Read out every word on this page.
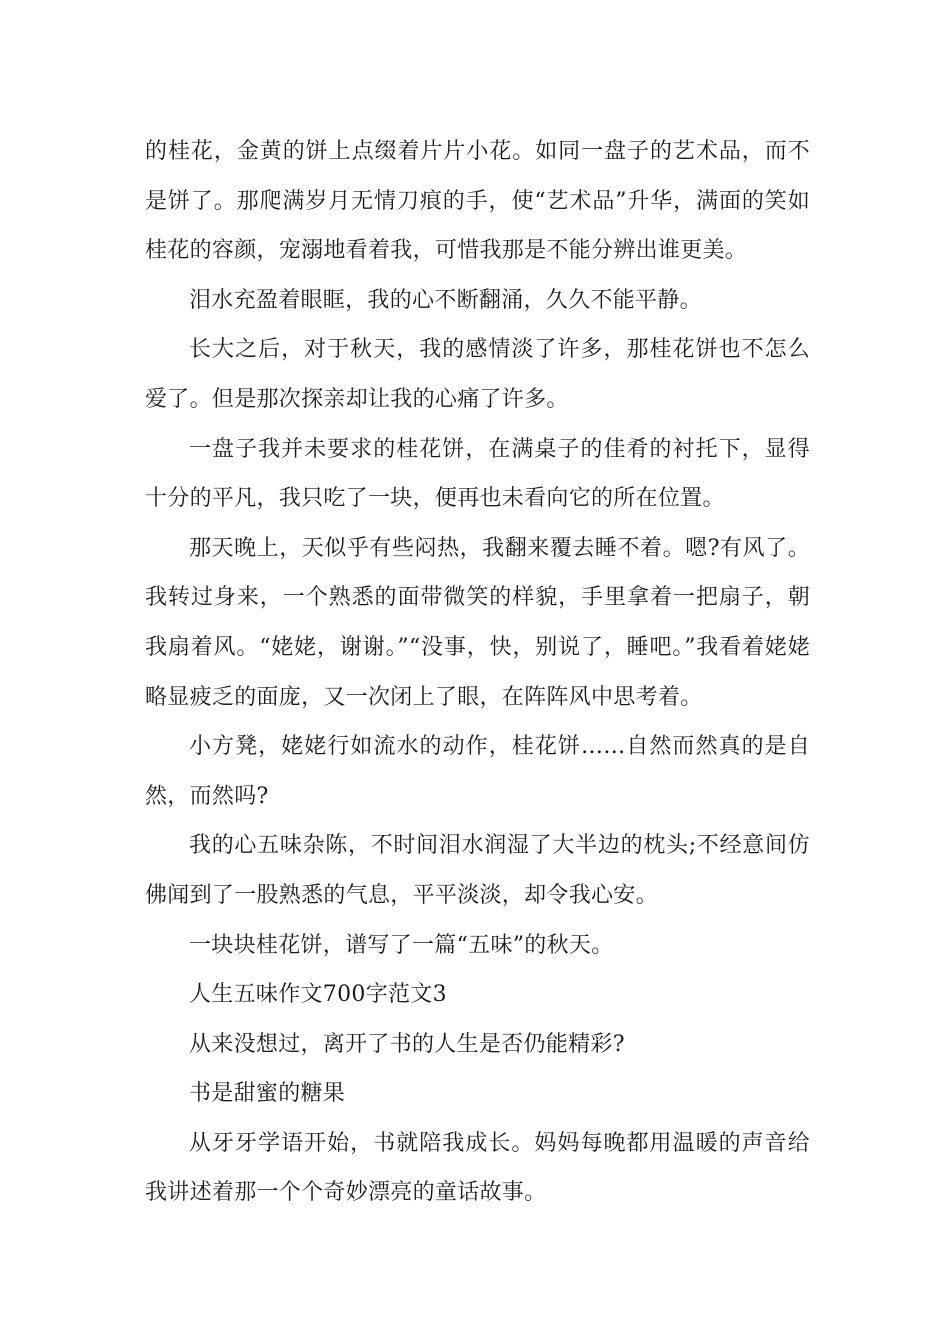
的桂花，金黄的饼上点缀着片片小花。如同一盘子的艺术品，而不是饼了。那爬满岁月无情刀痕的手，使“艺术品”升华，满面的笑如桂花的容颜，宠溺地看着我，可惜我那是不能分辨出谁更美。

泪水充盈着眼眶，我的心不断翻涌，久久不能平静。

长大之后，对于秋天，我的感情淡了许多，那桂花饼也不怎么爱了。但是那次探亲却让我的心痛了许多。

一盘子我并未要求的桂花饼，在满桌子的佳肴的衬托下，显得十分的平凡，我只吃了一块，便再也未看向它的所在位置。

那天晚上，天似乎有些闷热，我翻来覆去睡不着。嗯?有风了。我转过身来，一个熟悉的面带微笑的样貌，手里拿着一把扇子，朝我扇着风。“姥姥，谢谢。”“没事，快，别说了，睡吧。”我看着姥姥略显疲乏的面庞，又一次闭上了眼，在阵阵风中思考着。

小方凳，姥姥行如流水的动作，桂花饼……自然而然真的是自然，而然吗?

我的心五味杂陈，不时间泪水润湿了大半边的枕头;不经意间仿佛闻到了一股熟悉的气息，平平淡淡，却令我心安。

一块块桂花饼，谱写了一篇“五味”的秋天。

人生五味作文700字范文3

从来没想过，离开了书的人生是否仍能精彩?

书是甜蜜的糖果

从牙牙学语开始，书就陪我成长。妈妈每晚都用温暖的声音给我讲述着那一个个奇妙漂亮的童话故事。
